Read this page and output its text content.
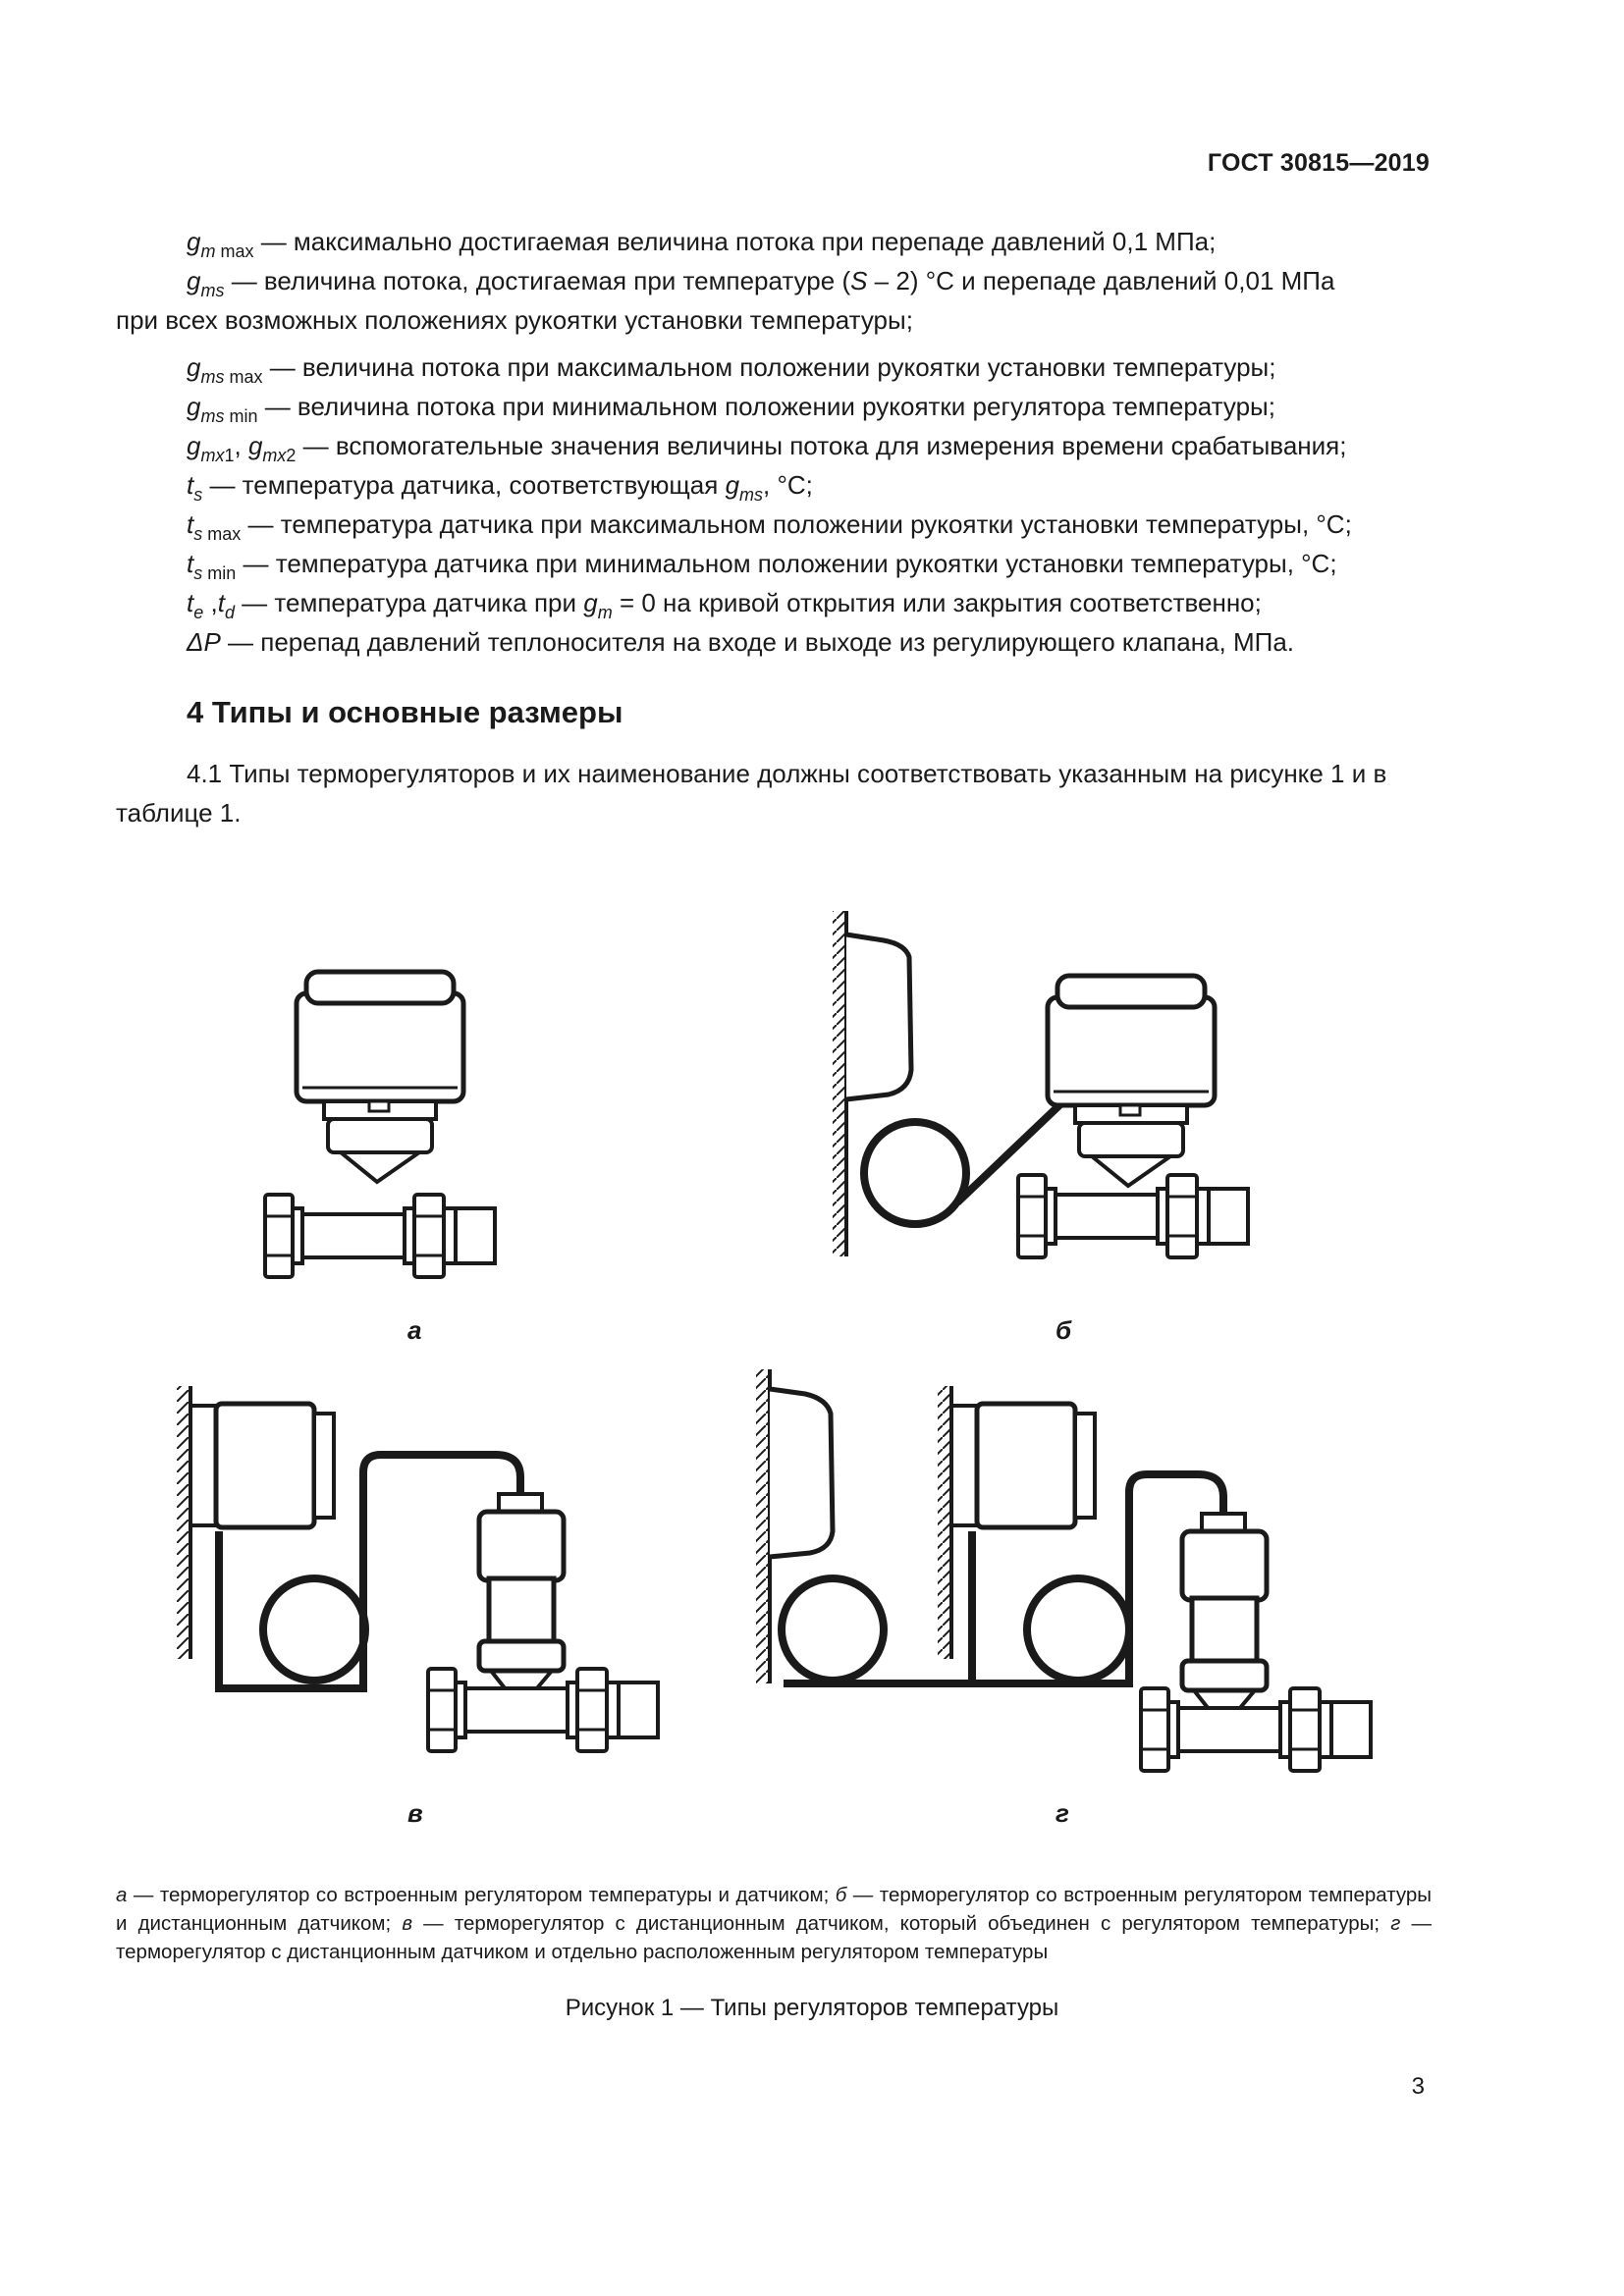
ГОСТ 30815—2019

$g_{m max}$ — максимально достигаемая величина потока при перепаде давлений 0,1 МПа;

$g_{ms}$ — величина потока, достигаемая при температуре (S – 2) °С и перепаде давлений 0,01 МПа

при всех возможных положениях рукоятки установки температуры;

$g_{ms max}$ — величина потока при максимальном положении рукоятки установки температуры;

$g_{ms min}$ — величина потока при минимальном положении рукоятки регулятора температуры;

$g_{mx1}$, $g_{mx2}$ — вспомогательные значения величины потока для измерения времени срабатывания;

$t_s$ — температура датчика, соответствующая $g_{ms}$, °С;

$t_{s max}$ — температура датчика при максимальном положении рукоятки установки температуры, °С;

$t_{s min}$ — температура датчика при минимальном положении рукоятки установки температуры, °С;

$t_e$ $,t_d$ — температура датчика при $g_m = 0$ на кривой открытия или закрытия соответственно;

ΔP — перепад давлений теплоносителя на входе и выходе из регулирующего клапана, МПа.

4 Типы и основные размеры
4.1 Типы терморегуляторов и их наименование должны соответствовать указанным на рисунке 1 и в таблице 1.
а	б
в	г
а — терморегулятор со встроенным регулятором температуры и датчиком; б — терморегулятор со встроенным регулятором температуры и дистанционным датчиком; в — терморегулятор с дистанционным датчиком, который объединен с регулятором температуры; г — терморегулятор с дистанционным датчиком и отдельно расположенным регулятором температуры
Рисунок 1 — Типы регуляторов температуры
3
